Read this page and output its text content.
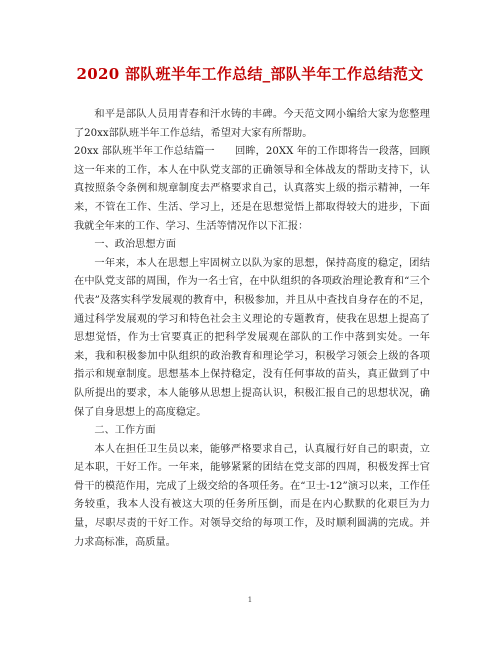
2020 部队班半年工作总结_部队半年工作总结范文

和平是部队人员用青春和汗水铸的丰碑。今天范文网小编给大家为您整理了20xx部队班半年工作总结，希望对大家有所帮助。

20xx 部队班半年工作总结篇一　　回眸，20XX 年的工作即将告一段落，回顾这一年来的工作，本人在中队党支部的正确领导和全体战友的帮助支持下，认真按照条令条例和规章制度去严格要求自己，认真落实上级的指示精神，一年来，不管在工作、生活、学习上，还是在思想觉悟上都取得较大的进步，下面我就全年来的工作、学习、生活等情况作以下汇报：

一、政治思想方面

一年来，本人在思想上牢固树立以队为家的思想，保持高度的稳定，团结在中队党支部的周围，作为一名士官，在中队组织的各项政治理论教育和“三个代表”及落实科学发展观的教育中，积极参加，并且从中查找自身存在的不足，通过科学发展观的学习和特色社会主义理论的专题教育，使我在思想上提高了思想觉悟，作为士官要真正的把科学发展观在部队的工作中落到实处。一年来，我和积极参加中队组织的政治教育和理论学习，积极学习领会上级的各项指示和规章制度。思想基本上保持稳定，没有任何事故的苗头，真正做到了中队所提出的要求，本人能够从思想上提高认识，积极汇报自己的思想状况，确保了自身思想上的高度稳定。

二、工作方面

本人在担任卫生员以来，能够严格要求自己，认真履行好自己的职责，立足本职，干好工作。一年来，能够紧紧的团结在党支部的四周，积极发挥士官骨干的模范作用，完成了上级交给的各项任务。在“卫士-12”演习以来，工作任务较重，我本人没有被这大项的任务所压倒，而是在内心默默的化艰巨为力量，尽职尽责的干好工作。对领导交给的每项工作，及时顺利圆满的完成。并力求高标准，高质量。

1
